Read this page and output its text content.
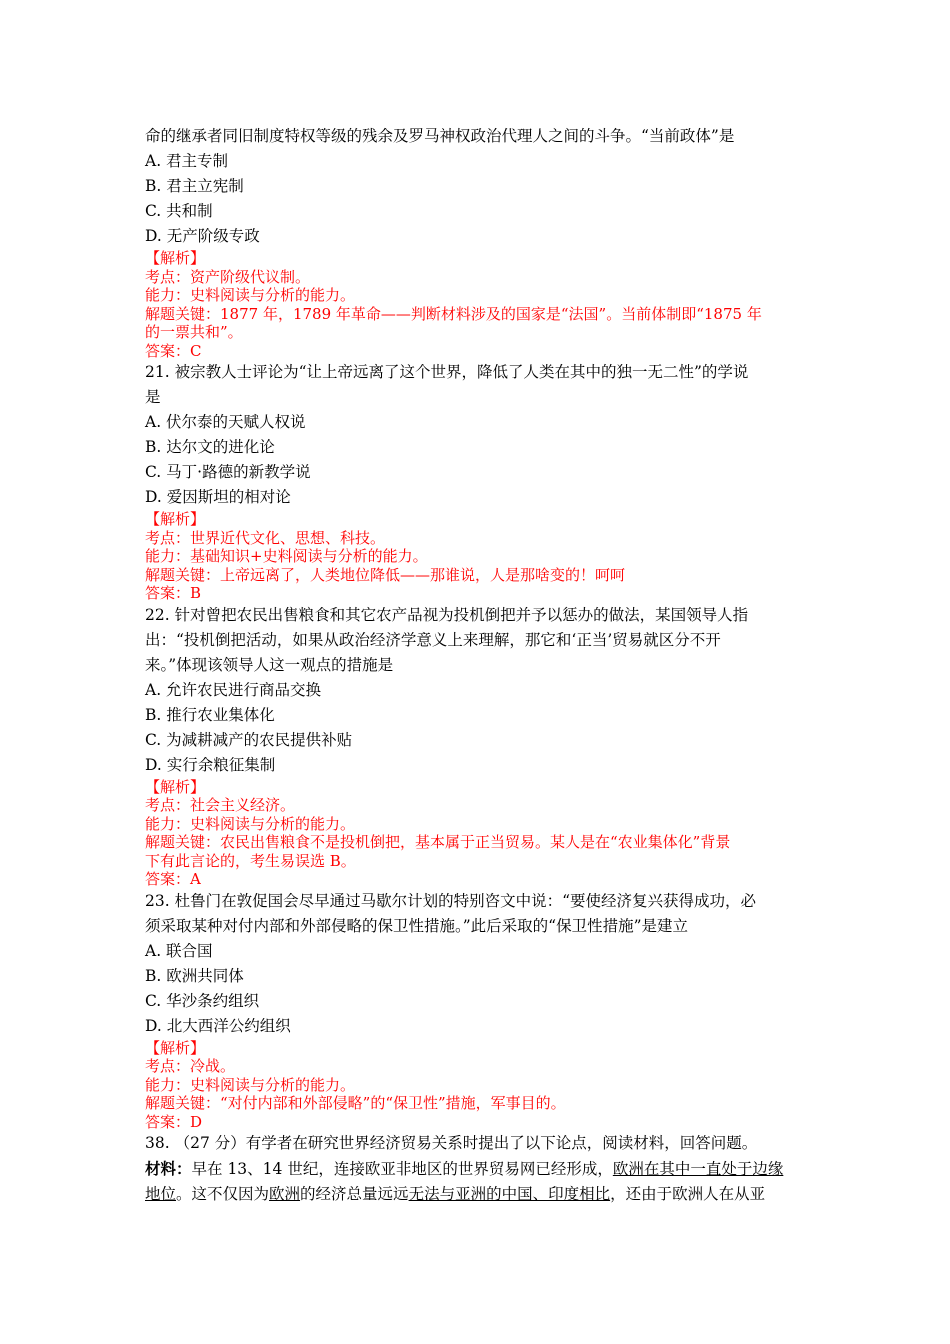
命的继承者同旧制度特权等级的残余及罗马神权政治代理人之间的斗争。“当前政体”是
A. 君主专制
B. 君主立宪制
C. 共和制
D. 无产阶级专政
【解析】
考点：资产阶级代议制。
能力：史料阅读与分析的能力。
解题关键：1877 年，1789 年革命——判断材料涉及的国家是“法国”。当前体制即“1875 年
的一票共和”。
答案：C
21. 被宗教人士评论为“让上帝远离了这个世界，降低了人类在其中的独一无二性”的学说
是
A. 伏尔泰的天赋人权说
B. 达尔文的进化论
C. 马丁·路德的新教学说
D. 爱因斯坦的相对论
【解析】
考点：世界近代文化、思想、科技。
能力：基础知识+史料阅读与分析的能力。
解题关键：上帝远离了，人类地位降低——那谁说，人是那啥变的！呵呵
答案：B
22. 针对曾把农民出售粮食和其它农产品视为投机倒把并予以惩办的做法，某国领导人指
出：“投机倒把活动，如果从政治经济学意义上来理解，那它和‘正当’贸易就区分不开
来。”体现该领导人这一观点的措施是
A. 允许农民进行商品交换
B. 推行农业集体化
C. 为减耕减产的农民提供补贴
D. 实行余粮征集制
【解析】
考点：社会主义经济。
能力：史料阅读与分析的能力。
解题关键：农民出售粮食不是投机倒把，基本属于正当贸易。某人是在“农业集体化”背景
下有此言论的，考生易误选 B。
答案：A
23. 杜鲁门在敦促国会尽早通过马歇尔计划的特别咨文中说：“要使经济复兴获得成功，必
须采取某种对付内部和外部侵略的保卫性措施。”此后采取的“保卫性措施”是建立
A. 联合国
B. 欧洲共同体
C. 华沙条约组织
D. 北大西洋公约组织
【解析】
考点：冷战。
能力：史料阅读与分析的能力。
解题关键：“对付内部和外部侵略”的“保卫性”措施，军事目的。
答案：D
38. （27 分）有学者在研究世界经济贸易关系时提出了以下论点，阅读材料，回答问题。
材料：早在 13、14 世纪，连接欧亚非地区的世界贸易网已经形成，欧洲在其中一直处于边缘
地位。这不仅因为欧洲的经济总量远远无法与亚洲的中国、印度相比，还由于欧洲人在从亚
